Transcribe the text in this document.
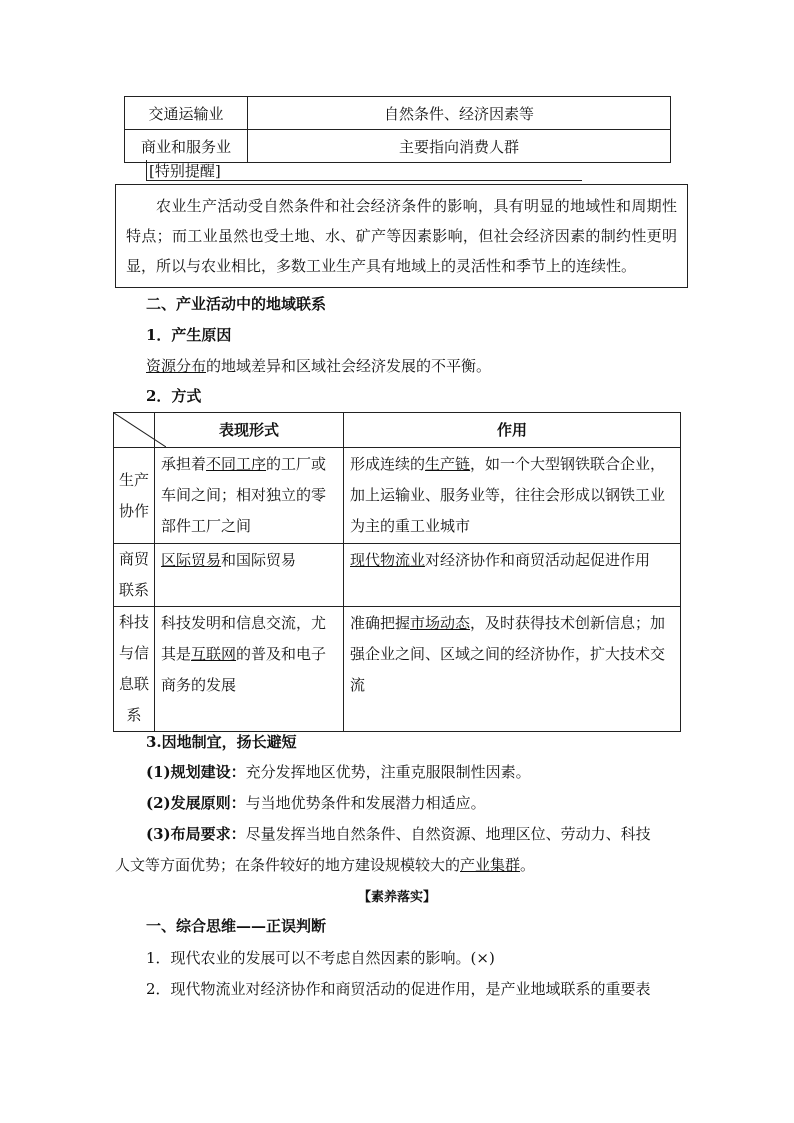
交通运输业	自然条件、经济因素等
商业和服务业	主要指向消费人群
[特别提醒]

农业生产活动受自然条件和社会经济条件的影响，具有明显的地域性和周期性特点；而工业虽然也受土地、水、矿产等因素影响，但社会经济因素的制约性更明显，所以与农业相比，多数工业生产具有地域上的灵活性和季节上的连续性。

二、产业活动中的地域联系
1．产生原因
资源分布的地域差异和区域社会经济发展的不平衡。
2．方式
	表现形式	作用

生产协作	承担着不同工序的工厂或车间之间；相对独立的零部件工厂之间	形成连续的生产链，如一个大型钢铁联合企业，加上运输业、服务业等，往往会形成以钢铁工业为主的重工业城市

商贸联系	区际贸易和国际贸易	现代物流业对经济协作和商贸活动起促进作用

科技与信息联系	科技发明和信息交流，尤其是互联网的普及和电子商务的发展	准确把握市场动态，及时获得技术创新信息；加强企业之间、区域之间的经济协作，扩大技术交流
3.因地制宜，扬长避短
(1)规划建设：充分发挥地区优势，注重克服限制性因素。
(2)发展原则：与当地优势条件和发展潜力相适应。
(3)布局要求：尽量发挥当地自然条件、自然资源、地理区位、劳动力、科技
人文等方面优势；在条件较好的地方建设规模较大的产业集群。
【素养落实】
一、综合思维——正误判断
1．现代农业的发展可以不考虑自然因素的影响。(×)
2．现代物流业对经济协作和商贸活动的促进作用，是产业地域联系的重要表
